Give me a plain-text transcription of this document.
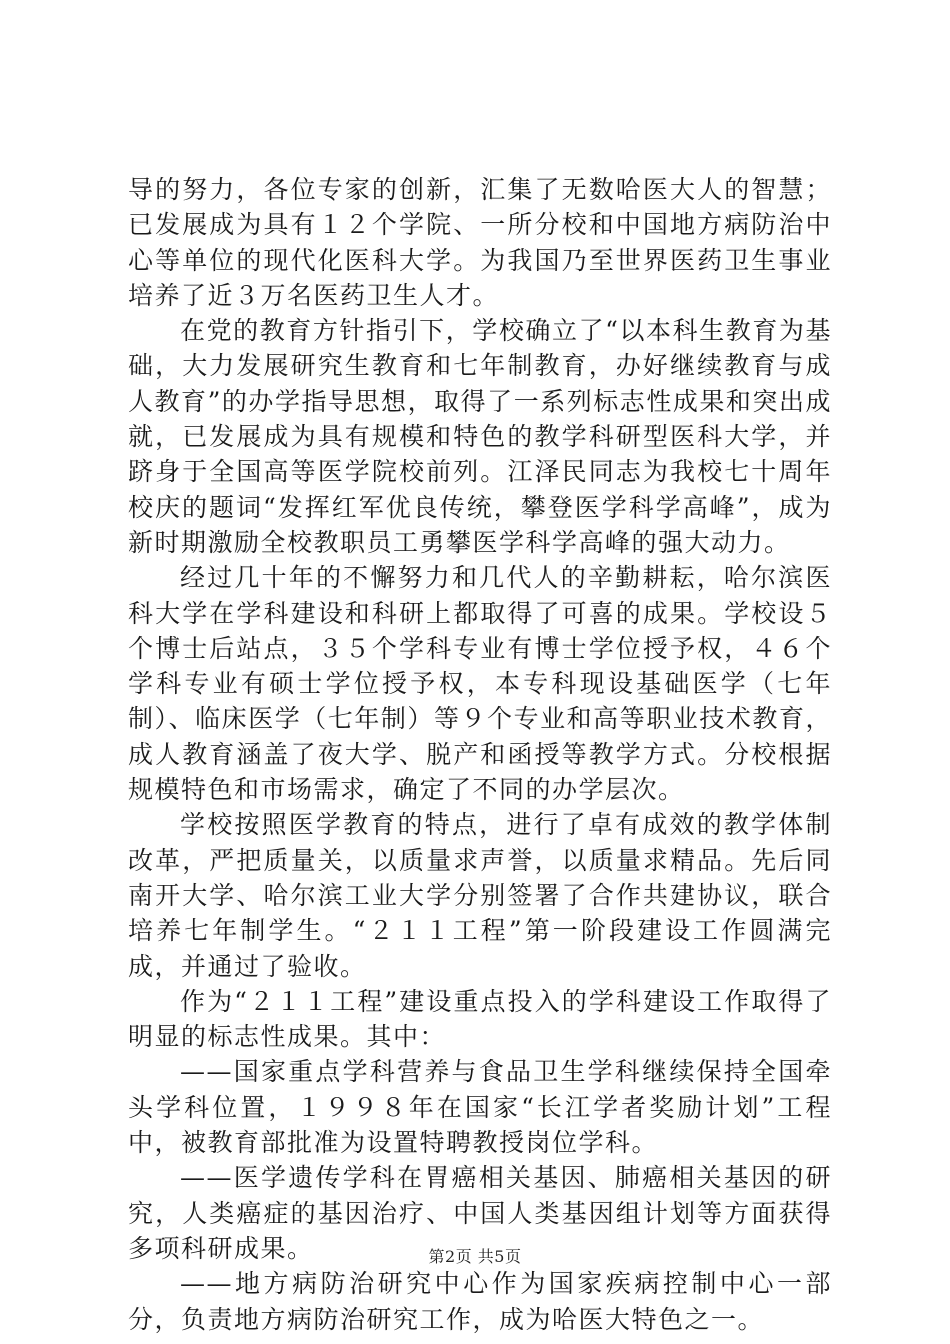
导的努力，各位专家的创新，汇集了无数哈医大人的智慧；已发展成为具有１２个学院、一所分校和中国地方病防治中心等单位的现代化医科大学。为我国乃至世界医药卫生事业培养了近３万名医药卫生人才。

在党的教育方针指引下，学校确立了“以本科生教育为基础，大力发展研究生教育和七年制教育，办好继续教育与成人教育”的办学指导思想，取得了一系列标志性成果和突出成就，已发展成为具有规模和特色的教学科研型医科大学，并跻身于全国高等医学院校前列。江泽民同志为我校七十周年校庆的题词“发挥红军优良传统，攀登医学科学高峰”，成为新时期激励全校教职员工勇攀医学科学高峰的强大动力。

经过几十年的不懈努力和几代人的辛勤耕耘，哈尔滨医科大学在学科建设和科研上都取得了可喜的成果。学校设５个博士后站点，３５个学科专业有博士学位授予权，４６个学科专业有硕士学位授予权，本专科现设基础医学（七年制）、临床医学（七年制）等９个专业和高等职业技术教育，成人教育涵盖了夜大学、脱产和函授等教学方式。分校根据规模特色和市场需求，确定了不同的办学层次。

学校按照医学教育的特点，进行了卓有成效的教学体制改革，严把质量关，以质量求声誉，以质量求精品。先后同南开大学、哈尔滨工业大学分别签署了合作共建协议，联合培养七年制学生。“２１１工程”第一阶段建设工作圆满完成，并通过了验收。

作为“２１１工程”建设重点投入的学科建设工作取得了明显的标志性成果。其中：

——国家重点学科营养与食品卫生学科继续保持全国牵头学科位置，１９９８年在国家“长江学者奖励计划”工程中，被教育部批准为设置特聘教授岗位学科。

——医学遗传学科在胃癌相关基因、肺癌相关基因的研究，人类癌症的基因治疗、中国人类基因组计划等方面获得多项科研成果。

——地方病防治研究中心作为国家疾病控制中心一部分，负责地方病防治研究工作，成为哈医大特色之一。

第2页 共5页
